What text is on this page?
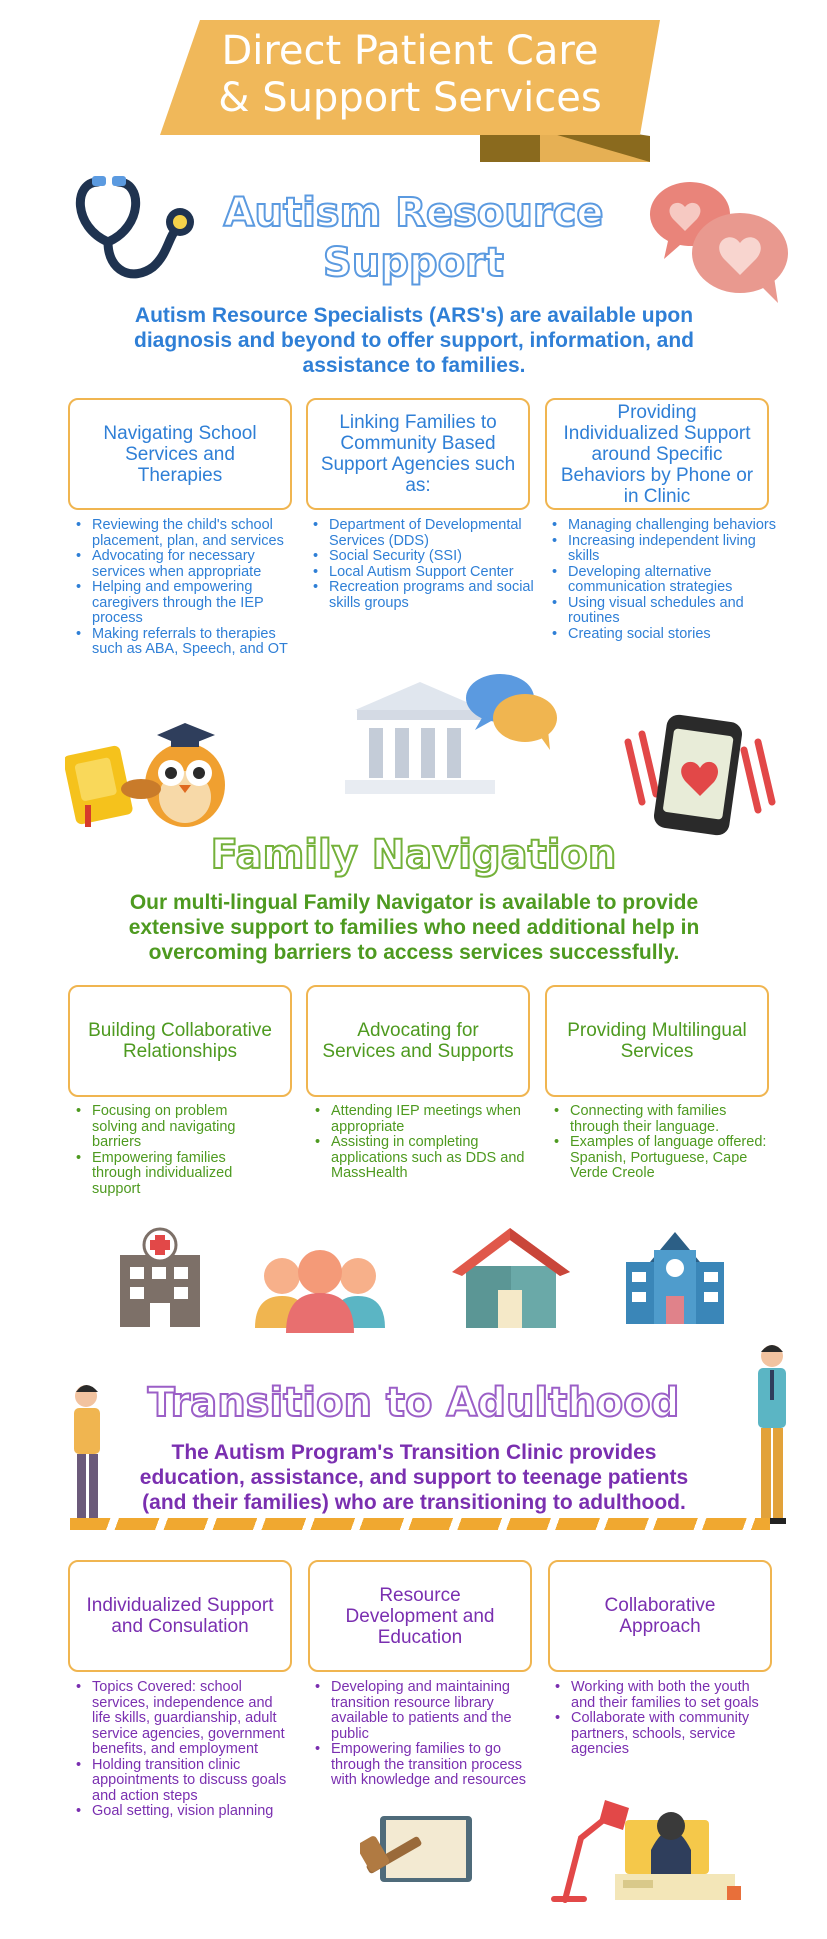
Direct Patient Care
& Support Services
Autism Resource
Support
Autism Resource Specialists (ARS's) are available upon diagnosis and beyond to offer support, information, and assistance to families.
Navigating School Services and Therapies
Linking Families to Community Based Support Agencies such as:
Providing Individualized Support around Specific Behaviors by Phone or in Clinic
• Reviewing the child's school placement, plan, and services
• Advocating for necessary services when appropriate
• Helping and empowering caregivers through the IEP process
• Making referrals to therapies such as ABA, Speech, and OT
• Department of Developmental Services (DDS)
• Social Security (SSI)
• Local Autism Support Center
• Recreation programs and social skills groups
• Managing challenging behaviors
• Increasing independent living skills
• Developing alternative communication strategies
• Using visual schedules and routines
• Creating social stories
Family Navigation
Our multi-lingual Family Navigator is available to provide extensive support to families who need additional help in overcoming barriers to access services successfully.
Building Collaborative Relationships
Advocating for Services and Supports
Providing Multilingual Services
• Focusing on problem solving and navigating barriers
• Empowering families through individualized support
• Attending IEP meetings when appropriate
• Assisting in completing applications such as DDS and MassHealth
• Connecting with families through their language.
• Examples of language offered: Spanish, Portuguese, Cape Verde Creole
Transition to Adulthood
The Autism Program's Transition Clinic provides education, assistance, and support to teenage patients (and their families) who are transitioning to adulthood.
Individualized Support and Consulation
Resource Development and Education
Collaborative Approach
• Topics Covered: school services, independence and life skills, guardianship, adult service agencies, government benefits, and employment
• Holding transition clinic appointments to discuss goals and action steps
• Goal setting, vision planning
• Developing and maintaining transition resource library available to patients and the public
• Empowering families to go through the transition process with knowledge and resources
• Working with both the youth and their families to set goals
• Collaborate with community partners, schools, service agencies
